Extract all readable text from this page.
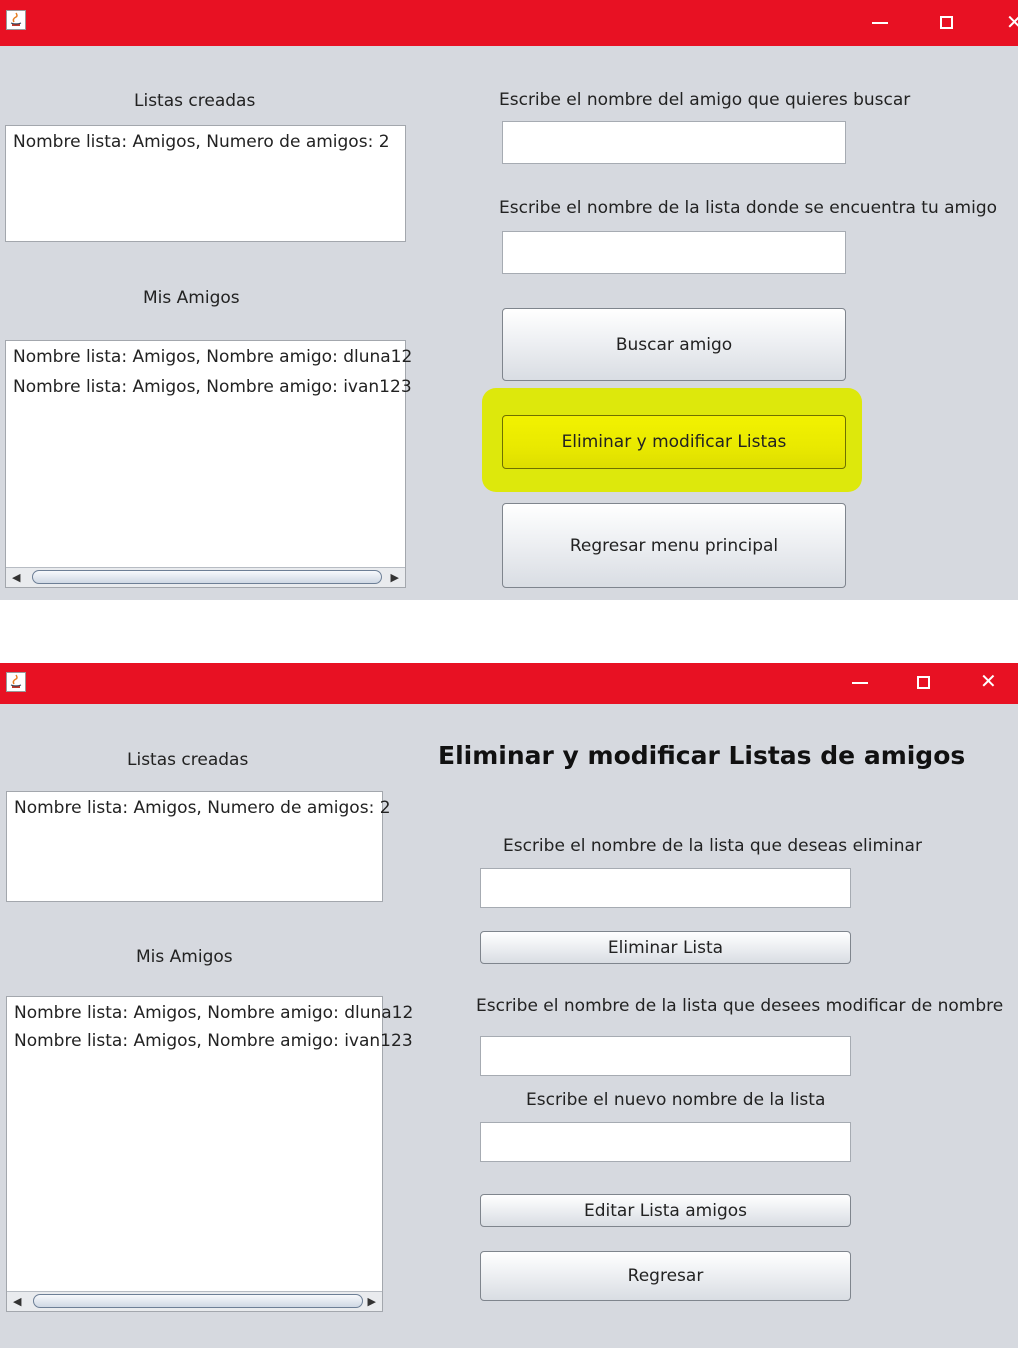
✕
Listas creadas
Nombre lista: Amigos, Numero de amigos: 2
Mis Amigos
Nombre lista: Amigos, Nombre amigo: dluna12
Nombre lista: Amigos, Nombre amigo: ivan123
◀	▶
Escribe el nombre del amigo que quieres buscar
Escribe el nombre de la lista donde se encuentra tu amigo
Buscar amigo
Eliminar y modificar Listas
Regresar menu principal
✕
Listas creadas
Nombre lista: Amigos, Numero de amigos: 2
Mis Amigos
Nombre lista: Amigos, Nombre amigo: dluna12
Nombre lista: Amigos, Nombre amigo: ivan123
◀	▶
Eliminar y modificar Listas de amigos
Escribe el nombre de la lista que deseas eliminar
Eliminar Lista
Escribe el nombre de la lista que desees modificar de nombre
Escribe el nuevo nombre de la lista
Editar Lista amigos
Regresar
